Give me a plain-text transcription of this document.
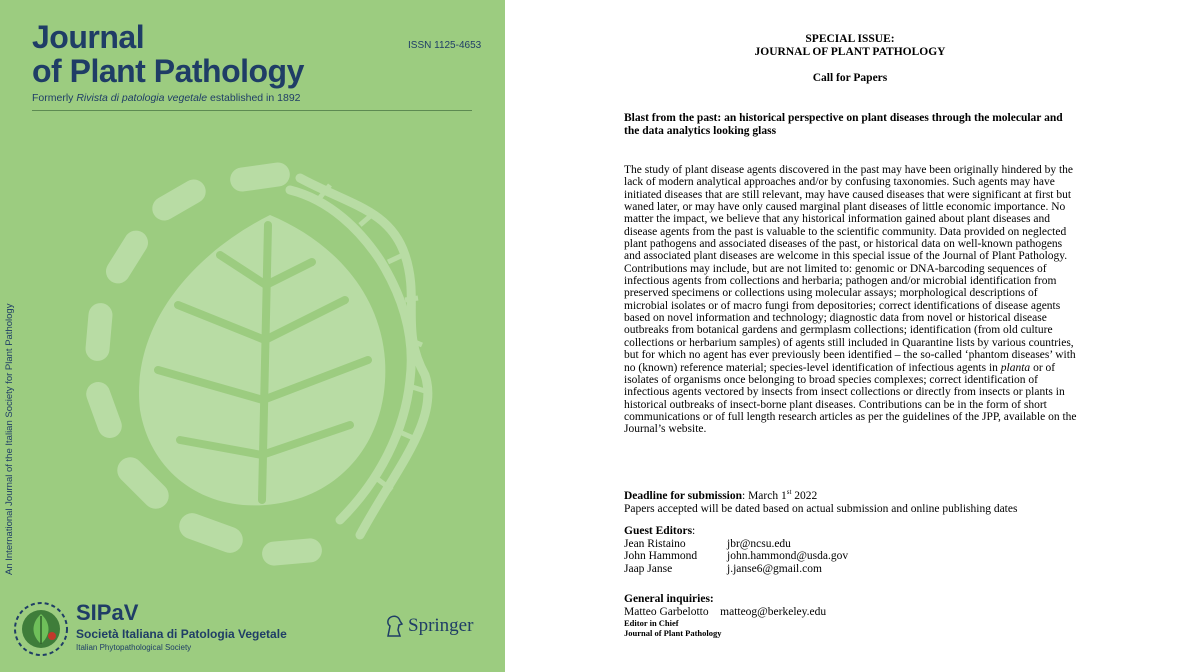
Journal
of Plant Pathology
ISSN 1125-4653
Formerly Rivista di patologia vegetale established in 1892
An International Journal of the Italian Society for Plant Pathology
SIPaV
Società Italiana di Patologia Vegetale
Italian Phytopathological Society
Springer
SPECIAL ISSUE:
JOURNAL OF PLANT PATHOLOGY
Call for Papers
Blast from the past: an historical perspective on plant diseases through the molecular and the data analytics looking glass
The study of plant disease agents discovered in the past may have been originally hindered by the lack of modern analytical approaches and/or by confusing taxonomies. Such agents may have initiated diseases that are still relevant, may have caused diseases that were significant at first but waned later, or may have only caused marginal plant diseases of little economic importance. No matter the impact, we believe that any historical information gained about plant diseases and disease agents from the past is valuable to the scientific community. Data provided on neglected plant pathogens and associated diseases of the past, or historical data on well-known pathogens and associated plant diseases are welcome in this special issue of the Journal of Plant Pathology. Contributions may include, but are not limited to: genomic or DNA-barcoding sequences of infectious agents from collections and herbaria; pathogen and/or microbial identification from preserved specimens or collections using molecular assays; morphological descriptions of microbial isolates or of macro fungi from depositories; correct identifications of disease agents based on novel information and technology; diagnostic data from novel or historical disease outbreaks from botanical gardens and germplasm collections; identification (from old culture collections or herbarium samples) of agents still included in Quarantine lists by various countries, but for which no agent has ever previously been identified – the so-called ‘phantom diseases’ with no (known) reference material; species-level identification of infectious agents in planta or of isolates of organisms once belonging to broad species complexes; correct identification of infectious agents vectored by insects from insect collections or directly from insects or plants in historical outbreaks of insect-borne plant diseases. Contributions can be in the form of short communications or of full length research articles as per the guidelines of the JPP, available on the Journal’s website.
Deadline for submission: March 1st 2022
Papers accepted will be dated based on actual submission and online publishing dates
Guest Editors:
Jean Ristaino	jbr@ncsu.edu
John Hammond	john.hammond@usda.gov
Jaap Janse	j.janse6@gmail.com
General inquiries:
Matteo Garbelotto matteog@berkeley.edu
Editor in Chief
Journal of Plant Pathology
